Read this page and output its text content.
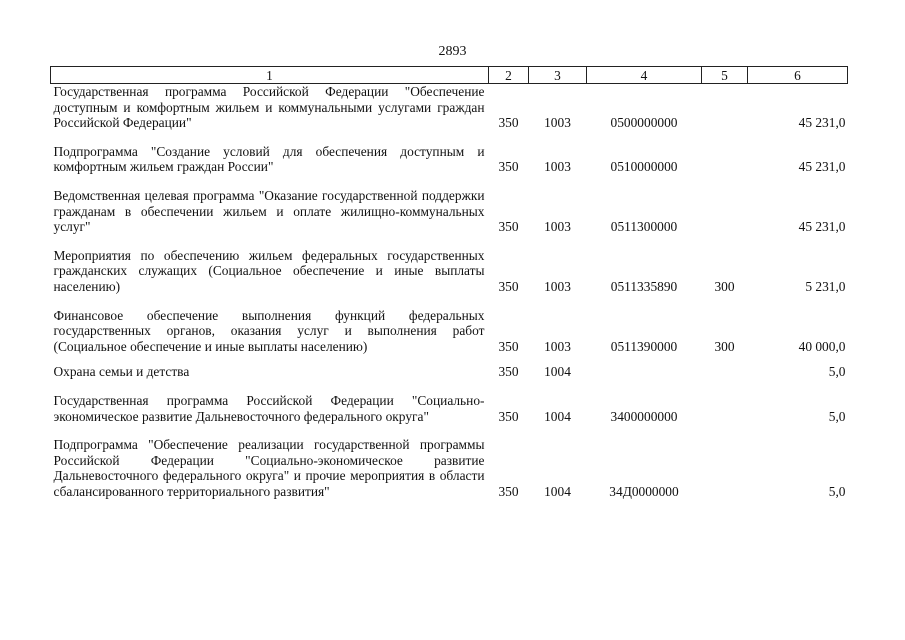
2893
1	2	3	4	5	6
Государственная программа Российской Федерации "Обеспечение доступным и комфортным жильем и коммунальными услугами граждан Российской Федерации"	350	1003	0500000000		45 231,0

Подпрограмма "Создание условий для обеспечения доступным и комфортным жильем граждан России"	350	1003	0510000000		45 231,0

Ведомственная целевая программа "Оказание государственной поддержки гражданам в обеспечении жильем и оплате жилищно-коммунальных услуг"	350	1003	0511300000		45 231,0

Мероприятия по обеспечению жильем федеральных государственных гражданских служащих (Социальное обеспечение и иные выплаты населению)	350	1003	0511335890	300	5 231,0

Финансовое обеспечение выполнения функций федеральных государственных органов, оказания услуг и выполнения работ (Социальное обеспечение и иные выплаты населению)	350	1003	0511390000	300	40 000,0

Охрана семьи и детства	350	1004			5,0

Государственная программа Российской Федерации "Социально-экономическое развитие Дальневосточного федерального округа"	350	1004	3400000000		5,0

Подпрограмма "Обеспечение реализации государственной программы Российской Федерации "Социально-экономическое развитие Дальневосточного федерального округа" и прочие мероприятия в области сбалансированного территориального развития"	350	1004	34Д0000000		5,0
